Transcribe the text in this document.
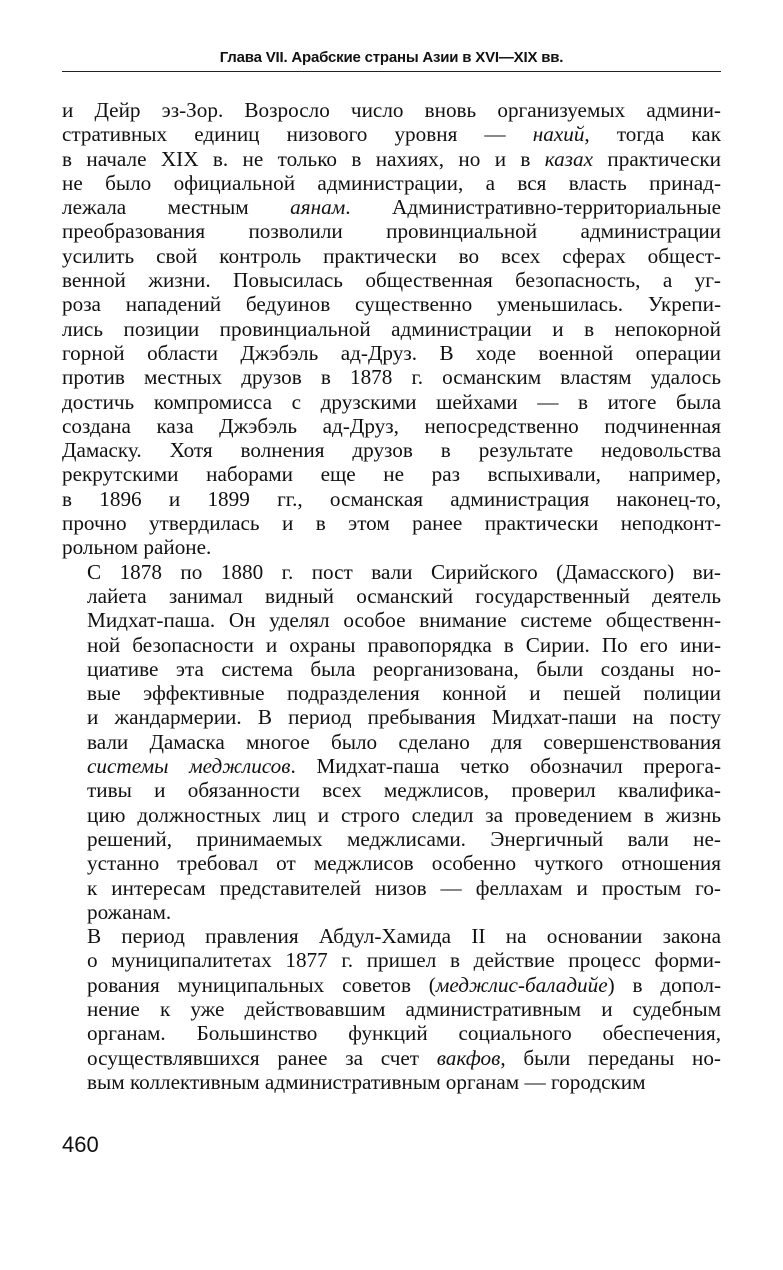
Глава VII. Арабские страны Азии в XVI—XIX вв.

и Дейр эз-Зор. Возросло число вновь организуемых админи-
стративных единиц низового уровня — нахий, тогда как
в начале XIX в. не только в нахиях, но и в казах практически
не было официальной администрации, а вся власть принад-
лежала местным аянам. Административно-территориальные
преобразования позволили провинциальной администрации
усилить свой контроль практически во всех сферах общест-
венной жизни. Повысилась общественная безопасность, а уг-
роза нападений бедуинов существенно уменьшилась. Укрепи-
лись позиции провинциальной администрации и в непокорной
горной области Джэбэль ад-Друз. В ходе военной операции
против местных друзов в 1878 г. османским властям удалось
достичь компромисса с друзскими шейхами — в итоге была
создана каза Джэбэль ад-Друз, непосредственно подчиненная
Дамаску. Хотя волнения друзов в результате недовольства
рекрутскими наборами еще не раз вспыхивали, например,
в 1896 и 1899 гг., османская администрация наконец-то,
прочно утвердилась и в этом ранее практически неподконт-
рольном районе.

С 1878 по 1880 г. пост вали Сирийского (Дамасского) ви-
лайета занимал видный османский государственный деятель
Мидхат-паша. Он уделял особое внимание системе общественн-
ной безопасности и охраны правопорядка в Сирии. По его ини-
циативе эта система была реорганизована, были созданы но-
вые эффективные подразделения конной и пешей полиции
и жандармерии. В период пребывания Мидхат-паши на посту
вали Дамаска многое было сделано для совершенствования
системы меджлисов. Мидхат-паша четко обозначил прерога-
тивы и обязанности всех меджлисов, проверил квалифика-
цию должностных лиц и строго следил за проведением в жизнь
решений, принимаемых меджлисами. Энергичный вали не-
устанно требовал от меджлисов особенно чуткого отношения
к интересам представителей низов — феллахам и простым го-
рожанам.

В период правления Абдул-Хамида II на основании закона
о муниципалитетах 1877 г. пришел в действие процесс форми-
рования муниципальных советов (меджлис-баладийе) в допол-
нение к уже действовавшим административным и судебным
органам. Большинство функций социального обеспечения,
осуществлявшихся ранее за счет вакфов, были переданы но-
вым коллективным административным органам — городским

460
